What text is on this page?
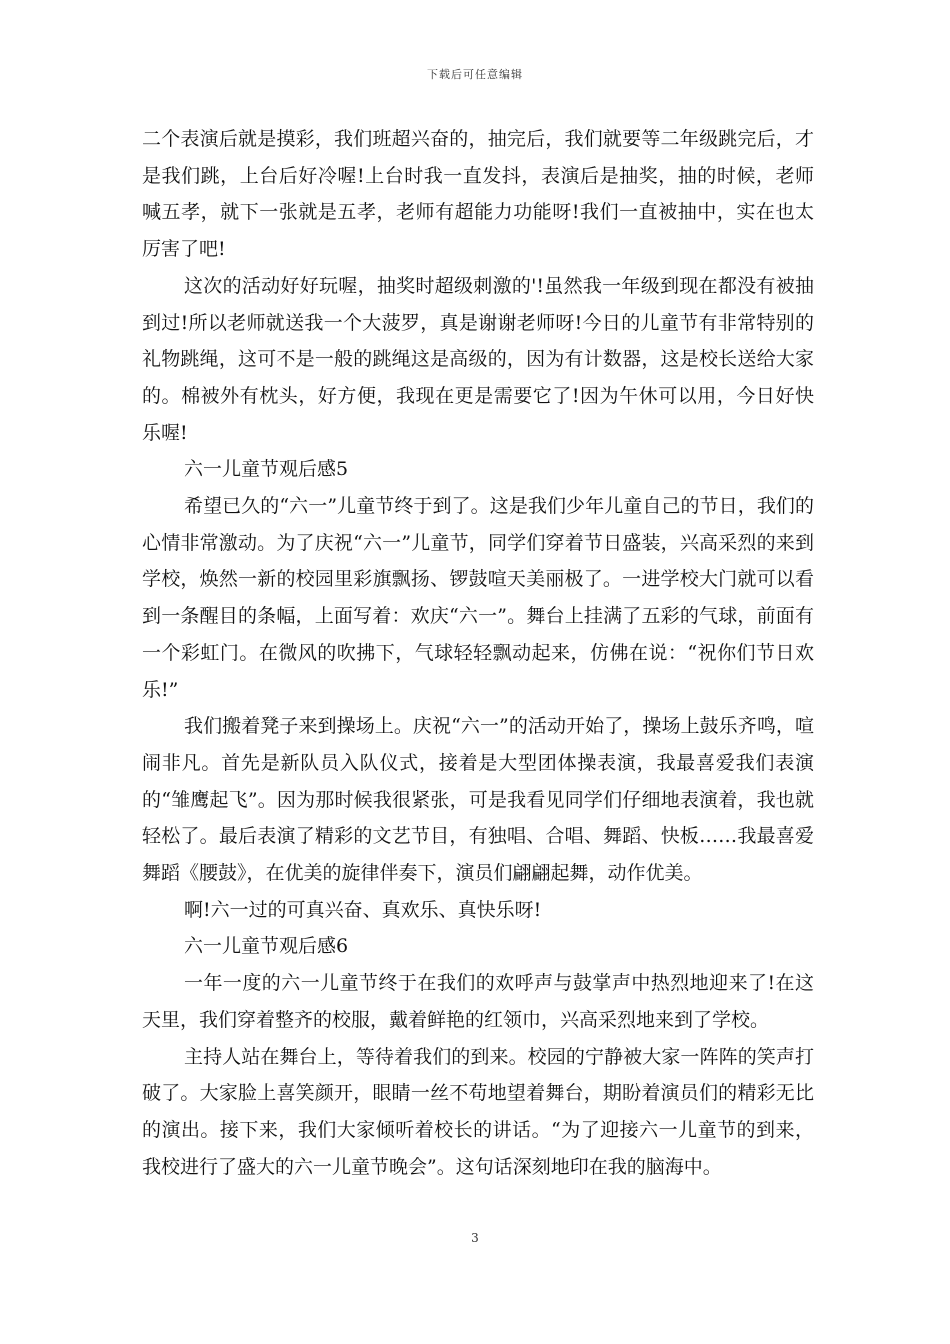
下载后可任意编辑

二个表演后就是摸彩，我们班超兴奋的，抽完后，我们就要等二年级跳完后，才是我们跳，上台后好冷喔!上台时我一直发抖，表演后是抽奖，抽的时候，老师喊五孝，就下一张就是五孝，老师有超能力功能呀!我们一直被抽中，实在也太厉害了吧!

这次的活动好好玩喔，抽奖时超级刺激的'!虽然我一年级到现在都没有被抽到过!所以老师就送我一个大菠罗，真是谢谢老师呀!今日的儿童节有非常特别的礼物跳绳，这可不是一般的跳绳这是高级的，因为有计数器，这是校长送给大家的。棉被外有枕头，好方便，我现在更是需要它了!因为午休可以用，今日好快乐喔!

六一儿童节观后感5

希望已久的“六一”儿童节终于到了。这是我们少年儿童自己的节日，我们的心情非常激动。为了庆祝“六一”儿童节，同学们穿着节日盛装，兴高采烈的来到学校，焕然一新的校园里彩旗飘扬、锣鼓喧天美丽极了。一进学校大门就可以看到一条醒目的条幅，上面写着：欢庆“六一”。舞台上挂满了五彩的气球，前面有一个彩虹门。在微风的吹拂下，气球轻轻飘动起来，仿佛在说：“祝你们节日欢乐!”

我们搬着凳子来到操场上。庆祝“六一”的活动开始了，操场上鼓乐齐鸣，喧闹非凡。首先是新队员入队仪式，接着是大型团体操表演，我最喜爱我们表演的“雏鹰起飞”。因为那时候我很紧张，可是我看见同学们仔细地表演着，我也就轻松了。最后表演了精彩的文艺节目，有独唱、合唱、舞蹈、快板……我最喜爱舞蹈《腰鼓》，在优美的旋律伴奏下，演员们翩翩起舞，动作优美。

啊!六一过的可真兴奋、真欢乐、真快乐呀!

六一儿童节观后感6

一年一度的六一儿童节终于在我们的欢呼声与鼓掌声中热烈地迎来了!在这天里，我们穿着整齐的校服，戴着鲜艳的红领巾，兴高采烈地来到了学校。

主持人站在舞台上，等待着我们的到来。校园的宁静被大家一阵阵的笑声打破了。大家脸上喜笑颜开，眼睛一丝不苟地望着舞台，期盼着演员们的精彩无比的演出。接下来，我们大家倾听着校长的讲话。“为了迎接六一儿童节的到来，我校进行了盛大的六一儿童节晚会”。这句话深刻地印在我的脑海中。

3
